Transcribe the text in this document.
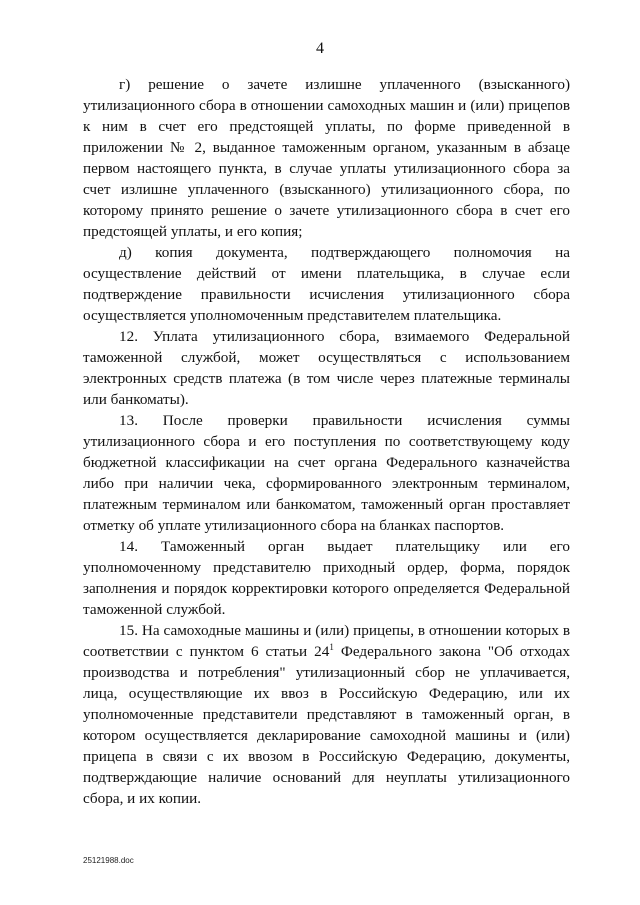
4

г) решение о зачете излишне уплаченного (взысканного) утилизационного сбора в отношении самоходных машин и (или) прицепов к ним в счет его предстоящей уплаты, по форме приведенной в приложении № 2, выданное таможенным органом, указанным в абзаце первом настоящего пункта, в случае уплаты утилизационного сбора за счет излишне уплаченного (взысканного) утилизационного сбора, по которому принято решение о зачете утилизационного сбора в счет его предстоящей уплаты, и его копия;

д) копия документа, подтверждающего полномочия на осуществление действий от имени плательщика, в случае если подтверждение правильности исчисления утилизационного сбора осуществляется уполномоченным представителем плательщика.

12. Уплата утилизационного сбора, взимаемого Федеральной таможенной службой, может осуществляться с использованием электронных средств платежа (в том числе через платежные терминалы или банкоматы).

13. После проверки правильности исчисления суммы утилизационного сбора и его поступления по соответствующему коду бюджетной классификации на счет органа Федерального казначейства либо при наличии чека, сформированного электронным терминалом, платежным терминалом или банкоматом, таможенный орган проставляет отметку об уплате утилизационного сбора на бланках паспортов.

14. Таможенный орган выдает плательщику или его уполномоченному представителю приходный ордер, форма, порядок заполнения и порядок корректировки которого определяется Федеральной таможенной службой.

15. На самоходные машины и (или) прицепы, в отношении которых в соответствии с пунктом 6 статьи $24^1$ Федерального закона "Об отходах производства и потребления" утилизационный сбор не уплачивается, лица, осуществляющие их ввоз в Российскую Федерацию, или их уполномоченные представители представляют в таможенный орган, в котором осуществляется декларирование самоходной машины и (или) прицепа в связи с их ввозом в Российскую Федерацию, документы, подтверждающие наличие оснований для неуплаты утилизационного сбора, и их копии.

25121988.doc
